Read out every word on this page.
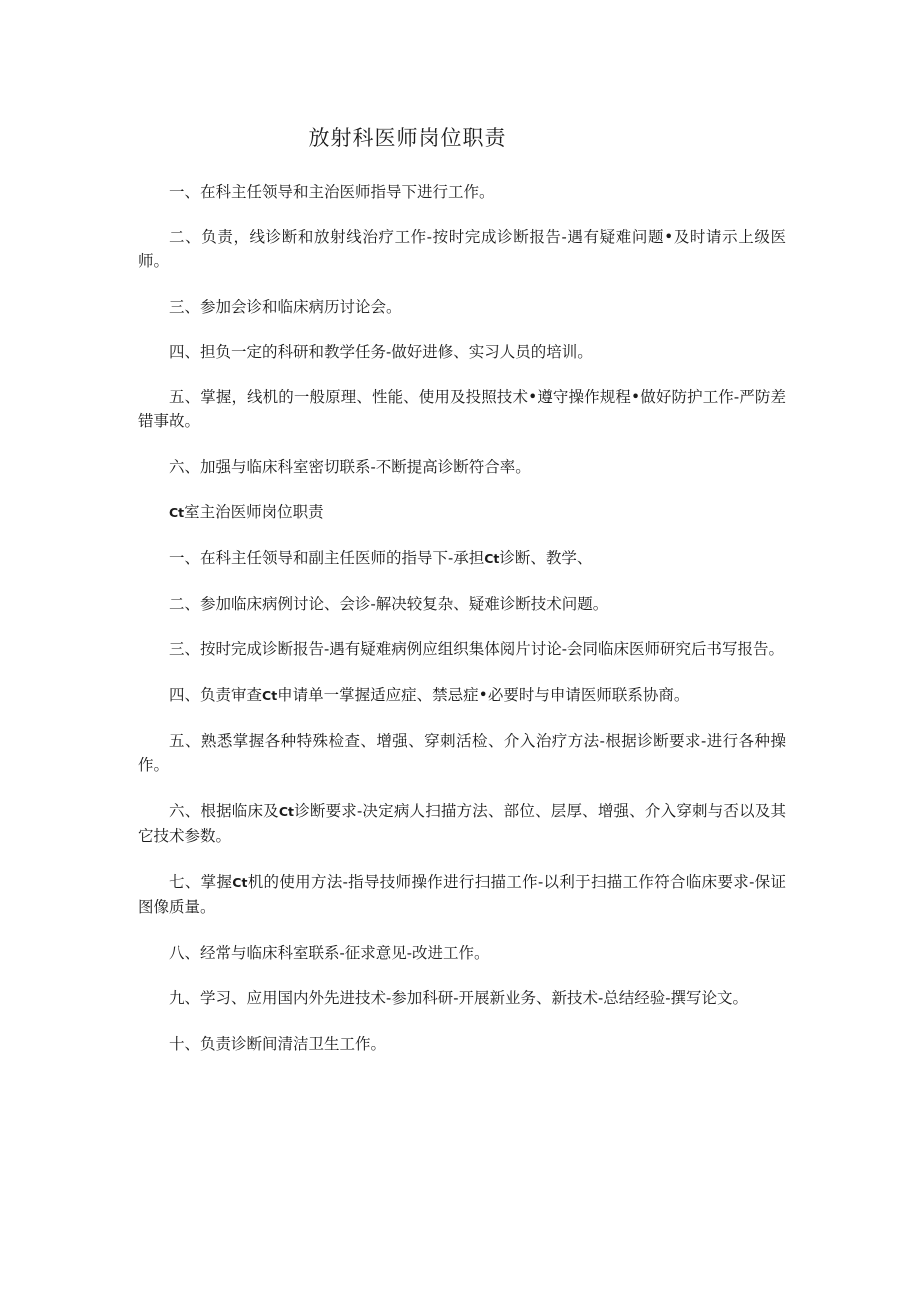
放射科医师岗位职责

一、在科主任领导和主治医师指导下进行工作。

二、负责，线诊断和放射线治疗工作-按时完成诊断报告-遇有疑难问题•及时请示上级医师。

三、参加会诊和临床病历讨论会。

四、担负一定的科研和教学任务-做好进修、实习人员的培训。

五、掌握，线机的一般原理、性能、使用及投照技术•遵守操作规程•做好防护工作-严防差错事故。

六、加强与临床科室密切联系-不断提高诊断符合率。

Ct室主治医师岗位职责

一、在科主任领导和副主任医师的指导下-承担Ct诊断、教学、

二、参加临床病例讨论、会诊-解决较复杂、疑难诊断技术问题。

三、按时完成诊断报告-遇有疑难病例应组织集体阅片讨论-会同临床医师研究后书写报告。

四、负责审查Ct申请单一掌握适应症、禁忌症•必要时与申请医师联系协商。

五、熟悉掌握各种特殊检查、增强、穿刺活检、介入治疗方法-根据诊断要求-进行各种操作。

六、根据临床及Ct诊断要求-决定病人扫描方法、部位、层厚、增强、介入穿刺与否以及其它技术参数。

七、掌握Ct机的使用方法-指导技师操作进行扫描工作-以利于扫描工作符合临床要求-保证图像质量。

八、经常与临床科室联系-征求意见-改进工作。

九、学习、应用国内外先进技术-参加科研-开展新业务、新技术-总结经验-撰写论文。

十、负责诊断间清洁卫生工作。
